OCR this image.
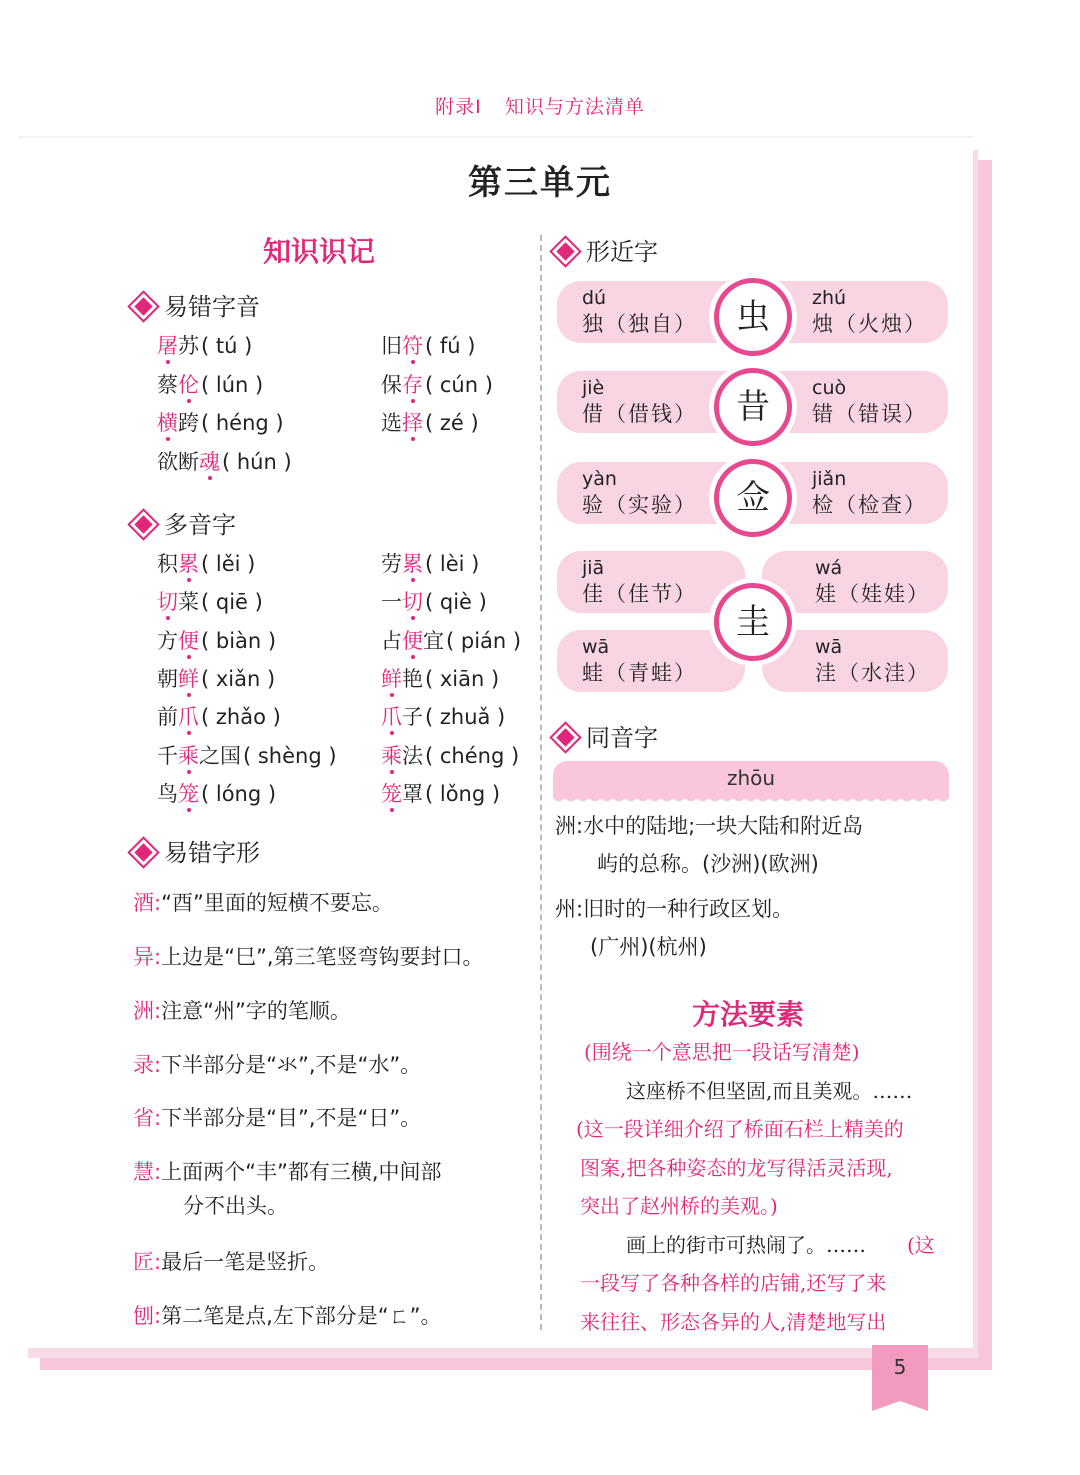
附录Ⅰ 知识与方法清单
第三单元
知识识记
易错字音
屠苏( tú )
蔡伦( lún )
横跨( héng )
欲断魂( hún )
旧符( fú )
保存( cún )
选择( zé )
多音字
积累( lěi )
切菜( qiē )
方便( biàn )
朝鲜( xiǎn )
前爪( zhǎo )
千乘之国( shèng )
鸟笼( lóng )
劳累( lèi )
一切( qiè )
占便宜( pián )
鲜艳( xiān )
爪子( zhuǎ )
乘法( chéng )
笼罩( lǒng )
易错字形
酒:“酉”里面的短横不要忘。
异:上边是“巳”,第三笔竖弯钩要封口。
洲:注意“州”字的笔顺。
录:下半部分是“氺”,不是“水”。
省:下半部分是“目”,不是“日”。
慧:上面两个“丰”都有三横,中间部
分不出头。
匠:最后一笔是竖折。
刨:第二笔是点,左下部分是“ㄈ”。
形近字
dú
独（独自）
zhú
烛（火烛）
虫
jiè
借（借钱）
cuò
错（错误）
昔
yàn
验（实验）
jiǎn
检（检查）
佥
jiā
佳（佳节）
wá
娃（娃娃）
wā
蛙（青蛙）
wā
洼（水洼）
圭
同音字
zhōu
洲:水中的陆地;一块大陆和附近岛
屿的总称。(沙洲)(欧洲)
州:旧时的一种行政区划。
(广州)(杭州)
方法要素
(围绕一个意思把一段话写清楚)
这座桥不但坚固,而且美观。……
(这一段详细介绍了桥面石栏上精美的
图案,把各种姿态的龙写得活灵活现,
突出了赵州桥的美观。)
画上的街市可热闹了。…… (这
一段写了各种各样的店铺,还写了来
来往往、形态各异的人,清楚地写出
5
